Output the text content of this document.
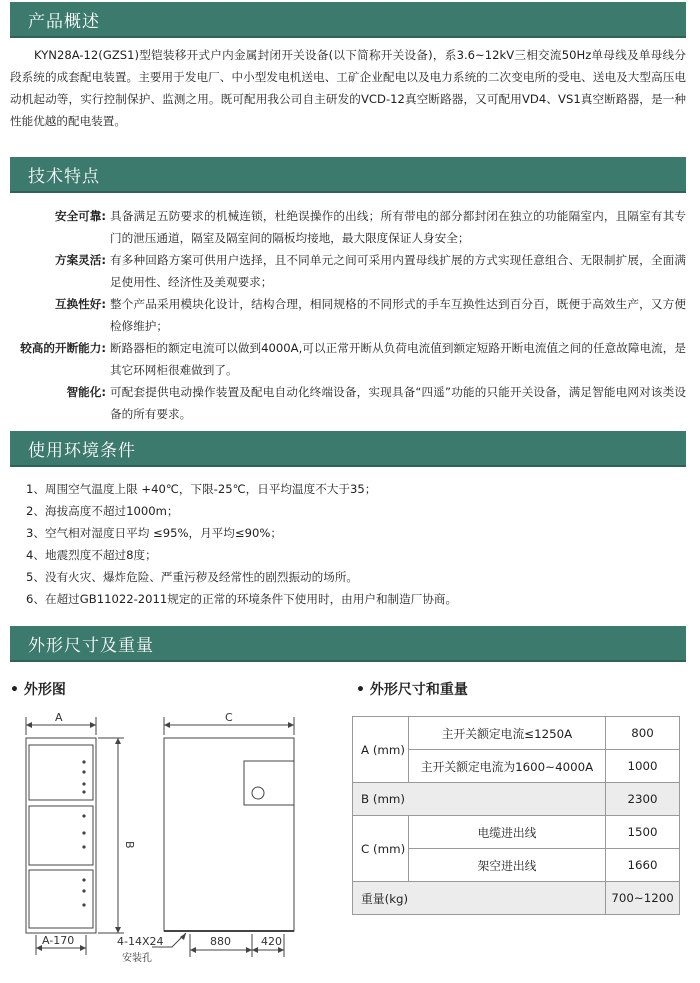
产品概述
KYN28A-12(GZS1)型铠装移开式户内金属封闭开关设备(以下简称开关设备)，系3.6~12kV三相交流50Hz单母线及单母线分段系统的成套配电装置。主要用于发电厂、中小型发电机送电、工矿企业配电以及电力系统的二次变电所的受电、送电及大型高压电动机起动等，实行控制保护、监测之用。既可配用我公司自主研发的VCD-12真空断路器，又可配用VD4、VS1真空断路器，是一种性能优越的配电装置。
技术特点
安全可靠: 具备满足五防要求的机械连锁，杜绝误操作的出线；所有带电的部分都封闭在独立的功能隔室内，且隔室有其专门的泄压通道，隔室及隔室间的隔板均接地，最大限度保证人身安全；
方案灵活: 有多种回路方案可供用户选择，且不同单元之间可采用内置母线扩展的方式实现任意组合、无限制扩展，全面满足使用性、经济性及美观要求；
互换性好: 整个产品采用模块化设计，结构合理，相同规格的不同形式的手车互换性达到百分百，既便于高效生产，又方便检修维护；
较高的开断能力: 断路器柜的额定电流可以做到4000A,可以正常开断从负荷电流值到额定短路开断电流值之间的任意故障电流，是其它环网柜很难做到了。
智能化: 可配套提供电动操作装置及配电自动化终端设备，实现具备“四遥”功能的只能开关设备，满足智能电网对该类设备的所有要求。
使用环境条件
1、周围空气温度上限 +40℃，下限-25℃，日平均温度不大于35；
2、海拔高度不超过1000m；
3、空气相对湿度日平均 ≤95%，月平均≤90%；
4、地震烈度不超过8度；
5、没有火灾、爆炸危险、严重污秽及经常性的剧烈振动的场所。
6、在超过GB11022-2011规定的正常的环境条件下使用时，由用户和制造厂协商。
外形尺寸及重量
• 外形图	• 外形尺寸和重量
A
B
C
A-170	4-14X24
安装孔
880	420
A (mm)	主开关额定电流≤1250A	800
	主开关额定电流为1600~4000A	1000
B (mm)		2300
C (mm)	电缆进出线	1500
	架空进出线	1660
重量(kg)		700~1200
